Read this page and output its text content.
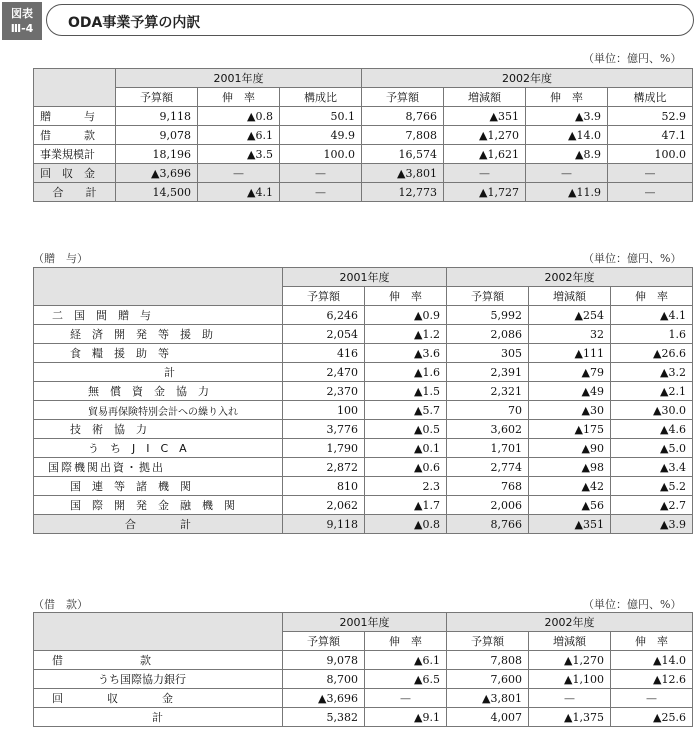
図表
Ⅲ-4	ODA事業予算の内訳
（単位：億円、%）
	2001年度			2002年度			
	予算額	伸　率	構成比	予算額	増減額	伸　率	構成比
贈　　　与	9,118	▲0.8	50.1	8,766	▲351	▲3.9	52.9
借　　　款	9,078	▲6.1	49.9	7,808	▲1,270	▲14.0	47.1
事業規模計	18,196	▲3.5	100.0	16,574	▲1,621	▲8.9	100.0
回　収　金	▲3,696	—	—	▲3,801	—	—	—
合　　計	14,500	▲4.1	—	12,773	▲1,727	▲11.9	—
（贈　与）	（単位：億円、%）
	2001年度		2002年度		
	予算額	伸　率	予算額	増減額	伸　率
二　国　間　贈　与	6,246	▲0.9	5,992	▲254	▲4.1
経　済　開　発　等　援　助	2,054	▲1.2	2,086	32	1.6
食　糧　援　助　等	416	▲3.6	305	▲111	▲26.6
計	2,470	▲1.6	2,391	▲79	▲3.2
無　償　資　金　協　力	2,370	▲1.5	2,321	▲49	▲2.1
貿易再保険特別会計への繰り入れ	100	▲5.7	70	▲30	▲30.0
技　術　協　力	3,776	▲0.5	3,602	▲175	▲4.6
う　ち　J　I　C　A	1,790	▲0.1	1,701	▲90	▲5.0
国際機関出資・拠出	2,872	▲0.6	2,774	▲98	▲3.4
国　連　等　諸　機　関	810	2.3	768	▲42	▲5.2
国　際　開　発　金　融　機　関	2,062	▲1.7	2,006	▲56	▲2.7
合　　　　計	9,118	▲0.8	8,766	▲351	▲3.9
（借　款）	（単位：億円、%）
	2001年度		2002年度		
	予算額	伸　率	予算額	増減額	伸　率
借　　　　　　　款	9,078	▲6.1	7,808	▲1,270	▲14.0
うち国際協力銀行	8,700	▲6.5	7,600	▲1,100	▲12.6
回　　　　収　　　　金	▲3,696	—	▲3,801	—	—
計	5,382	▲9.1	4,007	▲1,375	▲25.6
